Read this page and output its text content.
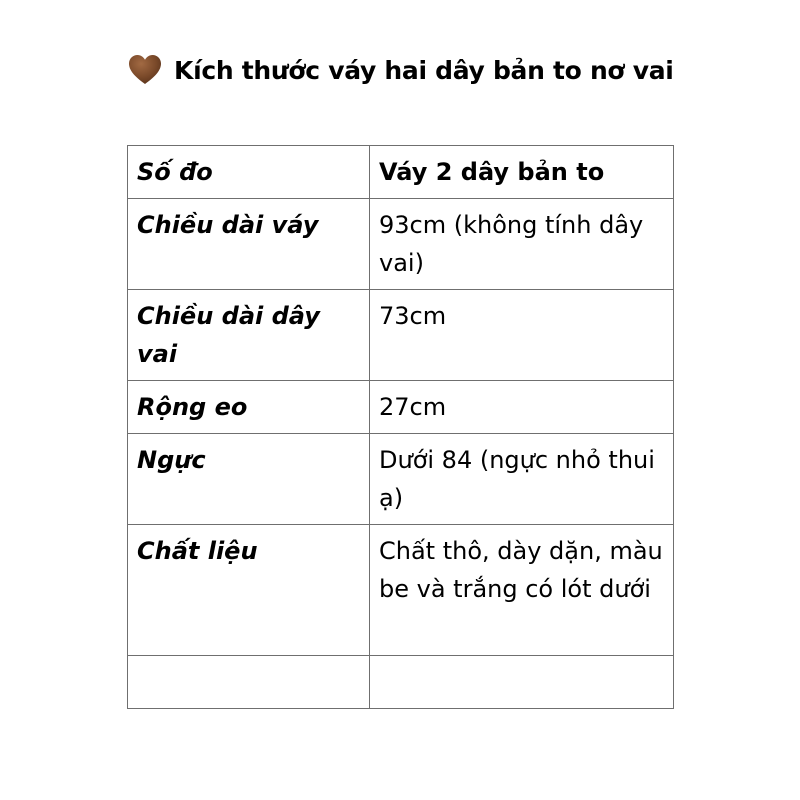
Kích thước váy hai dây bản to nơ vai
Số đo	Váy 2 dây bản to
Chiều dài váy	93cm (không tính dây vai)
Chiều dài dây vai	73cm
Rộng eo	27cm
Ngực	Dưới 84 (ngực nhỏ thui ạ)
Chất liệu	Chất thô, dày dặn, màu be và trắng có lót dưới
